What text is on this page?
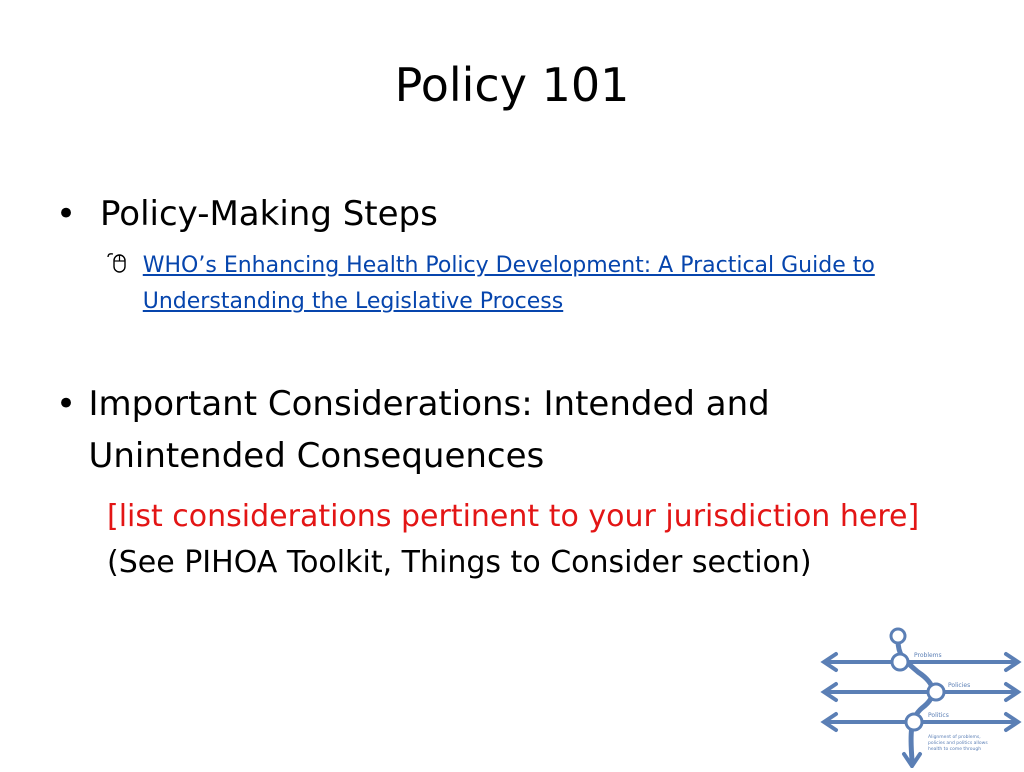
Policy 101
• Policy-Making Steps
WHO’s Enhancing Health Policy Development: A Practical Guide to Understanding the Legislative Process
• Important Considerations: Intended and Unintended Consequences
[list considerations pertinent to your jurisdiction here] (See PIHOA Toolkit, Things to Consider section)
Problems
Policies
Politics
Alignment of problems, policies and politics allows health to come through
